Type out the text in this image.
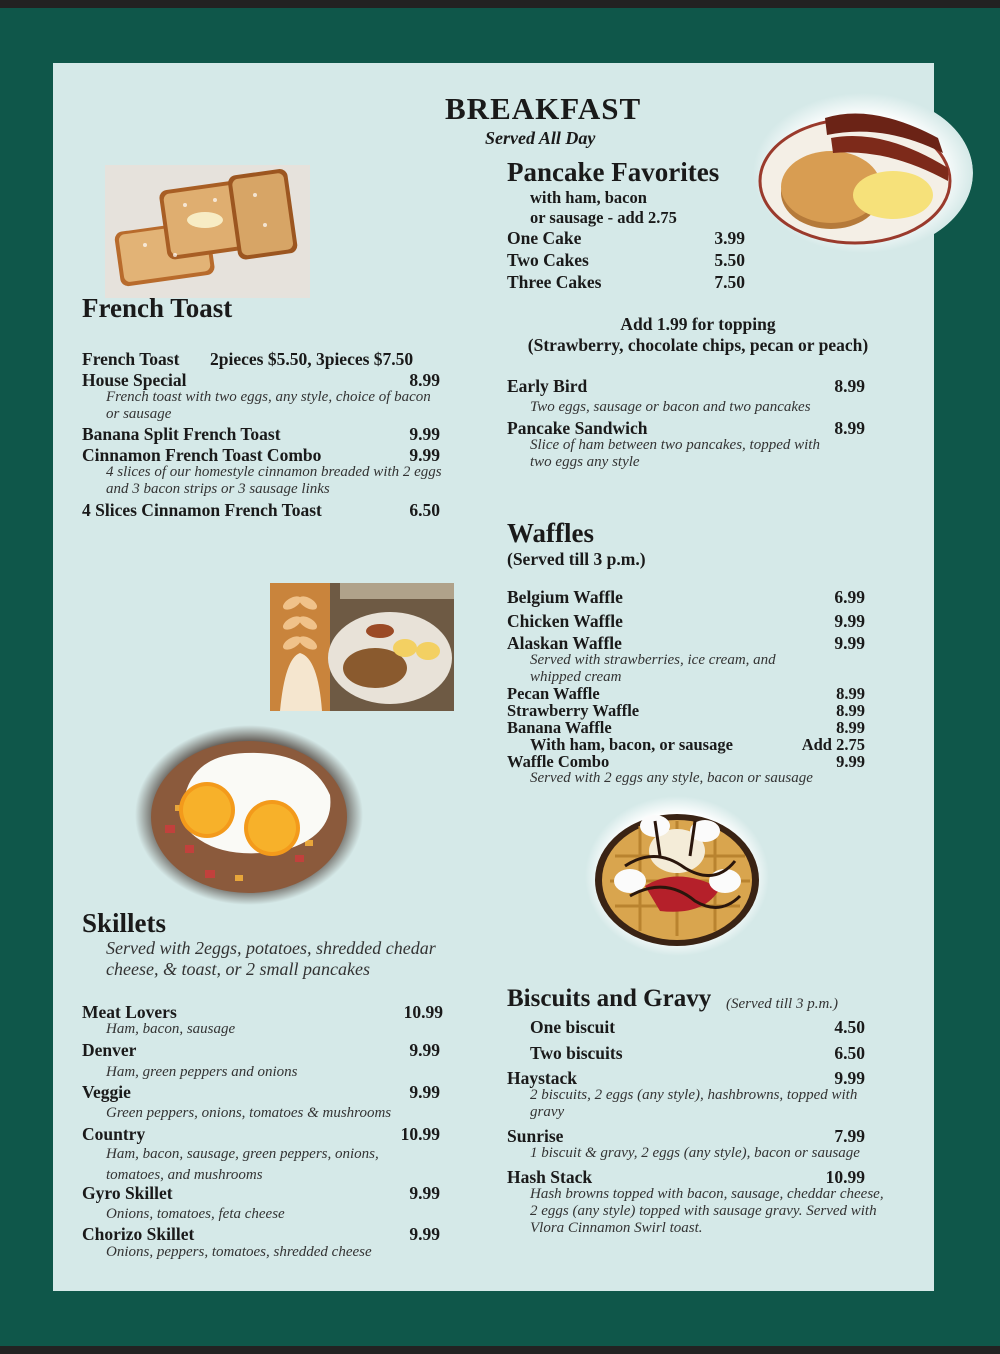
BREAKFAST
Served All Day
French Toast
French Toast 2pieces $5.50, 3pieces $7.50
House Special	8.99
French toast with two eggs, any style, choice of bacon or sausage
Banana Split French Toast	9.99
Cinnamon French Toast Combo	9.99
4 slices of our homestyle cinnamon breaded with 2 eggs and 3 bacon strips or 3 sausage links
4 Slices Cinnamon French Toast	6.50
Pancake Favorites
with ham, bacon
or sausage - add 2.75
One Cake	3.99
Two Cakes	5.50
Three Cakes	7.50
Add 1.99 for topping
(Strawberry, chocolate chips, pecan or peach)
Early Bird	8.99
Two eggs, sausage or bacon and two pancakes
Pancake Sandwich	8.99
Slice of ham between two pancakes, topped with two eggs any style
Waffles
(Served till 3 p.m.)
Belgium Waffle	6.99
Chicken Waffle	9.99
Alaskan Waffle	9.99
Served with strawberries, ice cream, and whipped cream
Pecan Waffle	8.99
Strawberry Waffle	8.99
Banana Waffle	8.99
With ham, bacon, or sausage	Add 2.75
Waffle Combo	9.99
Served with 2 eggs any style, bacon or sausage
Skillets
Served with 2eggs, potatoes, shredded chedar cheese, & toast, or 2 small pancakes
Meat Lovers	10.99
Ham, bacon, sausage
Denver	9.99
Ham, green peppers and onions
Veggie	9.99
Green peppers, onions, tomatoes & mushrooms
Country	10.99
Ham, bacon, sausage, green peppers, onions, tomatoes, and mushrooms
Gyro Skillet	9.99
Onions, tomatoes, feta cheese
Chorizo Skillet	9.99
Onions, peppers, tomatoes, shredded cheese
Biscuits and Gravy (Served till 3 p.m.)
One biscuit	4.50
Two biscuits	6.50
Haystack	9.99
2 biscuits, 2 eggs (any style), hashbrowns, topped with gravy
Sunrise	7.99
1 biscuit & gravy, 2 eggs (any style), bacon or sausage
Hash Stack	10.99
Hash browns topped with bacon, sausage, cheddar cheese, 2 eggs (any style) topped with sausage gravy. Served with Vlora Cinnamon Swirl toast.
